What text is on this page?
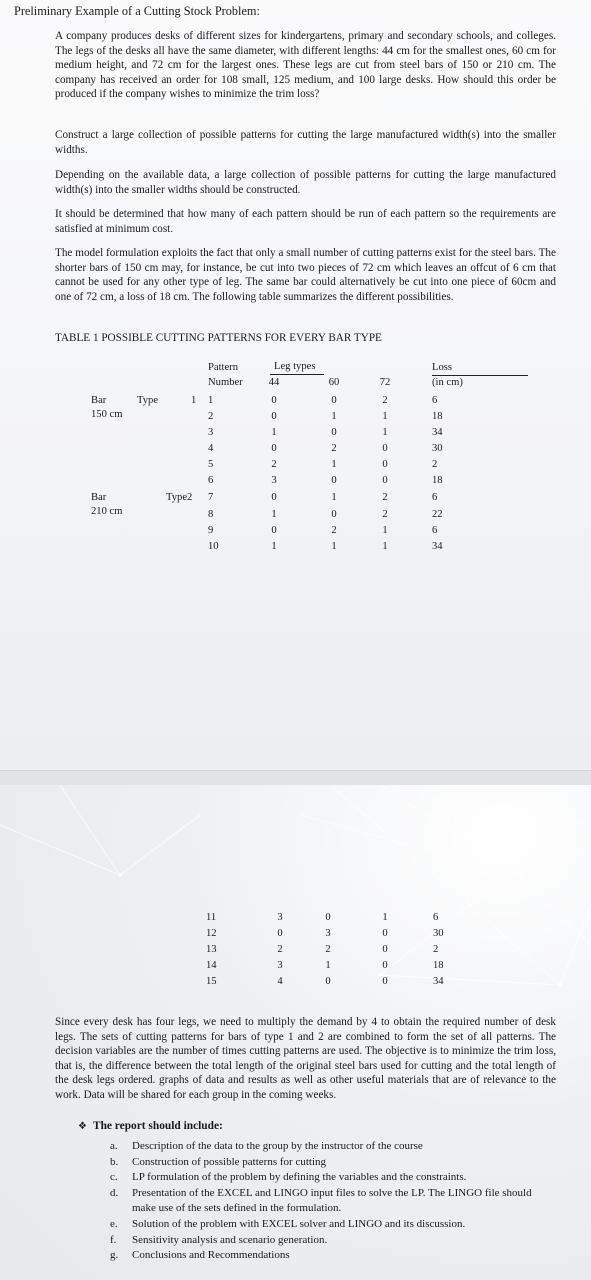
Preliminary Example of a Cutting Stock Problem:

A company produces desks of different sizes for kindergartens, primary and secondary schools, and colleges. The legs of the desks all have the same diameter, with different lengths: 44 cm for the smallest ones, 60 cm for medium height, and 72 cm for the largest ones. These legs are cut from steel bars of 150 or 210 cm. The company has received an order for 108 small, 125 medium, and 100 large desks. How should this order be produced if the company wishes to minimize the trim loss?

Construct a large collection of possible patterns for cutting the large manufactured width(s) into the smaller widths.

Depending on the available data, a large collection of possible patterns for cutting the large manufactured width(s) into the smaller widths should be constructed.

It should be determined that how many of each pattern should be run of each pattern so the requirements are satisfied at minimum cost.

The model formulation exploits the fact that only a small number of cutting patterns exist for the steel bars. The shorter bars of 150 cm may, for instance, be cut into two pieces of 72 cm which leaves an offcut of 6 cm that cannot be used for any other type of leg. The same bar could alternatively be cut into one piece of 60cm and one of 72 cm, a loss of 18 cm. The following table summarizes the different possibilities.

TABLE 1 POSSIBLE CUTTING PATTERNS FOR EVERY BAR TYPE
Pattern
Number
Leg types
44	60	72
Loss
(in cm)
Bar	Type	1
150 cm
Bar	Type2
210 cm
1	0	0	2	6
2	0	1	1	18
3	1	0	1	34
4	0	2	0	30
5	2	1	0	2
6	3	0	0	18
7	0	1	2	6
8	1	0	2	22
9	0	2	1	6
10	1	1	1	34
11	3	0	1	6
12	0	3	0	30
13	2	2	0	2
14	3	1	0	18
15	4	0	0	34

Since every desk has four legs, we need to multiply the demand by 4 to obtain the required number of desk legs. The sets of cutting patterns for bars of type 1 and 2 are combined to form the set of all patterns. The decision variables are the number of times cutting patterns are used. The objective is to minimize the trim loss, that is, the difference between the total length of the original steel bars used for cutting and the total length of the desk legs ordered. graphs of data and results as well as other useful materials that are of relevance to the work. Data will be shared for each group in the coming weeks.

❖ The report should include:
a. Description of the data to the group by the instructor of the course
b. Construction of possible patterns for cutting
c. LP formulation of the problem by defining the variables and the constraints.
d. Presentation of the EXCEL and LINGO input files to solve the LP. The LINGO file should make use of the sets defined in the formulation.
e. Solution of the problem with EXCEL solver and LINGO and its discussion.
f. Sensitivity analysis and scenario generation.
g. Conclusions and Recommendations
